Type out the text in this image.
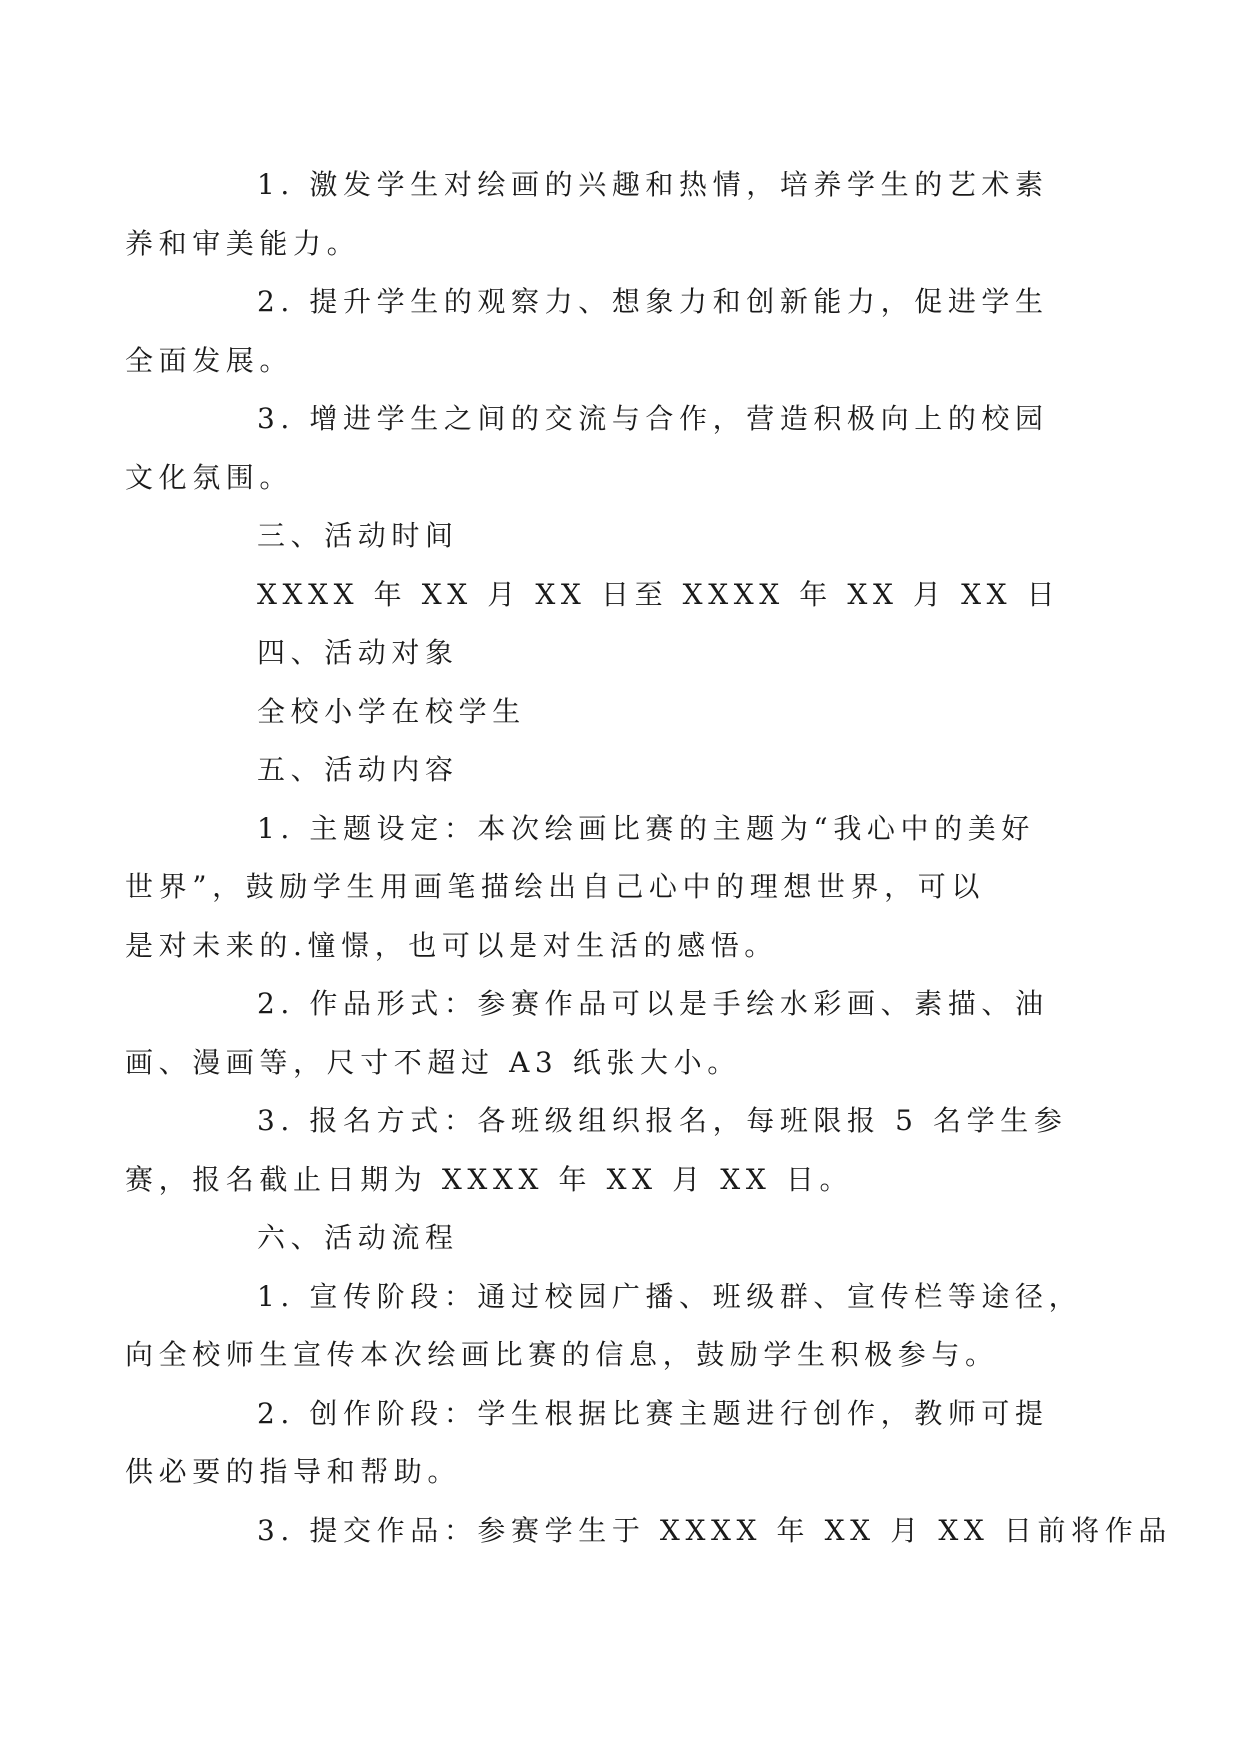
1. 激发学生对绘画的兴趣和热情，培养学生的艺术素
养和审美能力。

2. 提升学生的观察力、想象力和创新能力，促进学生
全面发展。

3. 增进学生之间的交流与合作，营造积极向上的校园
文化氛围。

三、活动时间

XXXX 年 XX 月 XX 日至 XXXX 年 XX 月 XX 日

四、活动对象

全校小学在校学生

五、活动内容

1. 主题设定：本次绘画比赛的主题为“我心中的美好
世界”，鼓励学生用画笔描绘出自己心中的理想世界，可以
是对未来的.憧憬，也可以是对生活的感悟。

2. 作品形式：参赛作品可以是手绘水彩画、素描、油
画、漫画等，尺寸不超过 A3 纸张大小。

3. 报名方式：各班级组织报名，每班限报 5 名学生参
赛，报名截止日期为 XXXX 年 XX 月 XX 日。

六、活动流程

1. 宣传阶段：通过校园广播、班级群、宣传栏等途径，
向全校师生宣传本次绘画比赛的信息，鼓励学生积极参与。

2. 创作阶段：学生根据比赛主题进行创作，教师可提
供必要的指导和帮助。

3. 提交作品：参赛学生于 XXXX 年 XX 月 XX 日前将作品
